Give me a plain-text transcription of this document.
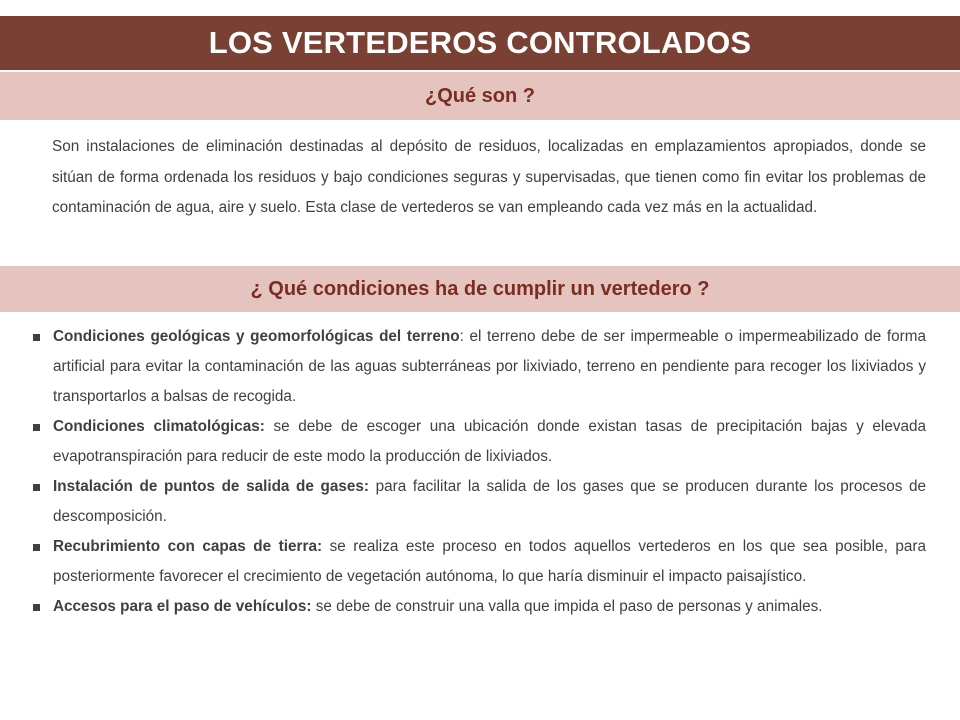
LOS VERTEDEROS CONTROLADOS
¿Qué son ?

Son instalaciones de eliminación destinadas al depósito de residuos, localizadas en emplazamientos apropiados, donde se sitúan de forma ordenada los residuos y bajo condiciones seguras y supervisadas, que tienen como fin evitar los problemas de contaminación de agua, aire y suelo. Esta clase de vertederos se van empleando cada vez más en la actualidad.

¿ Qué condiciones ha de cumplir un vertedero ?
Condiciones geológicas y geomorfológicas del terreno: el terreno debe de ser impermeable o impermeabilizado de forma artificial para evitar la contaminación de las aguas subterráneas por lixiviado, terreno en pendiente para recoger los lixiviados y transportarlos a balsas de recogida.
Condiciones climatológicas: se debe de escoger una ubicación donde existan tasas de precipitación bajas y elevada evapotranspiración para reducir de este modo la producción de lixiviados.
Instalación de puntos de salida de gases: para facilitar la salida de los gases que se producen durante los procesos de descomposición.
Recubrimiento con capas de tierra: se realiza este proceso en todos aquellos vertederos en los que sea posible, para posteriormente favorecer el crecimiento de vegetación autónoma, lo que haría disminuir el impacto paisajístico.
Accesos para el paso de vehículos: se debe de construir una valla que impida el paso de personas y animales.
